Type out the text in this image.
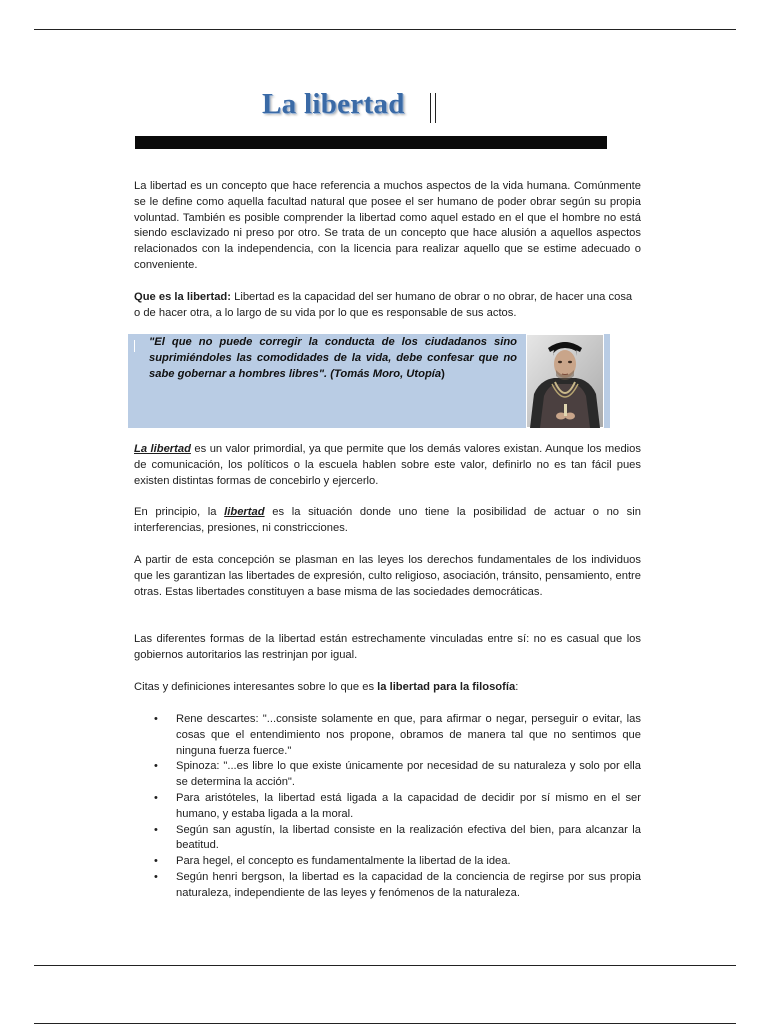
La libertad

La libertad es un concepto que hace referencia a muchos aspectos de la vida humana. Comúnmente se le define como aquella facultad natural que posee el ser humano de poder obrar según su propia voluntad. También es posible comprender la libertad como aquel estado en el que el hombre no está siendo esclavizado ni preso por otro. Se trata de un concepto que hace alusión a aquellos aspectos relacionados con la independencia, con la licencia para realizar aquello que se estime adecuado o conveniente.

Que es la libertad: Libertad es la capacidad del ser humano de obrar o no obrar, de hacer una cosa o de hacer otra, a lo largo de su vida por lo que es responsable de sus actos.

"El que no puede corregir la conducta de los ciudadanos sino suprimiéndoles las comodidades de la vida, debe confesar que no sabe gobernar a hombres libres". (Tomás Moro, Utopía)

La libertad es un valor primordial, ya que permite que los demás valores existan. Aunque los medios de comunicación, los políticos o la escuela hablen sobre este valor, definirlo no es tan fácil pues existen distintas formas de concebirlo y ejercerlo.

En principio, la libertad es la situación donde uno tiene la posibilidad de actuar o no sin interferencias, presiones, ni constricciones.

A partir de esta concepción se plasman en las leyes los derechos fundamentales de los individuos que les garantizan las libertades de expresión, culto religioso, asociación, tránsito, pensamiento, entre otras. Estas libertades constituyen a base misma de las sociedades democráticas.

Las diferentes formas de la libertad están estrechamente vinculadas entre sí: no es casual que los gobiernos autoritarios las restrinjan por igual.

Citas y definiciones interesantes sobre lo que es la libertad para la filosofía:

• Rene descartes: "...consiste solamente en que, para afirmar o negar, perseguir o evitar, las cosas que el entendimiento nos propone, obramos de manera tal que no sentimos que ninguna fuerza fuerce."
• Spinoza: "...es libre lo que existe únicamente por necesidad de su naturaleza y solo por ella se determina la acción".
• Para aristóteles, la libertad está ligada a la capacidad de decidir por sí mismo en el ser humano, y estaba ligada a la moral.
• Según san agustín, la libertad consiste en la realización efectiva del bien, para alcanzar la beatitud.
• Para hegel, el concepto es fundamentalmente la libertad de la idea.
• Según henri bergson, la libertad es la capacidad de la conciencia de regirse por sus propia naturaleza, independiente de las leyes y fenómenos de la naturaleza.
